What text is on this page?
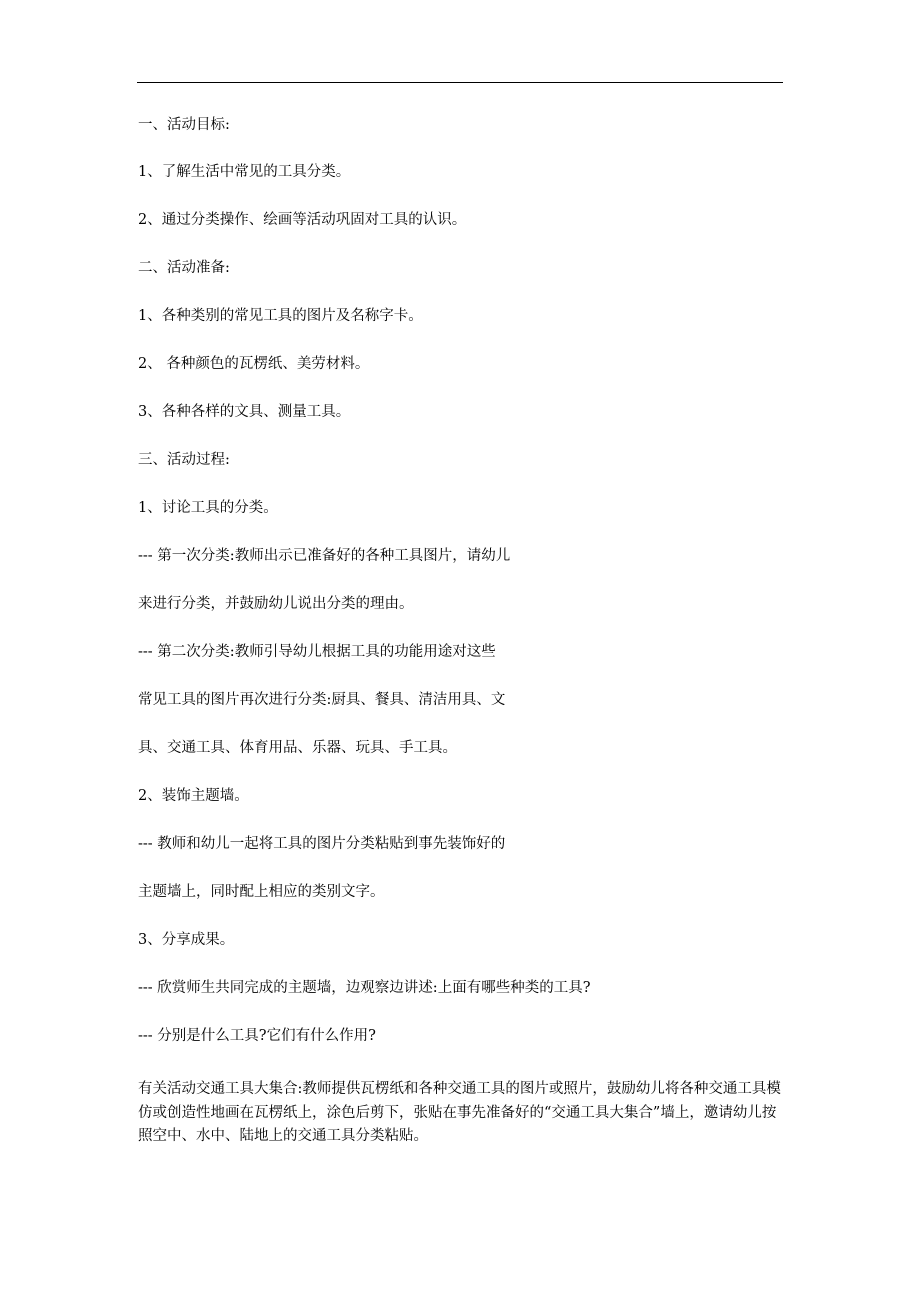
一、活动目标:
1、了解生活中常见的工具分类。
2、通过分类操作、绘画等活动巩固对工具的认识。
二、活动准备:
1、各种类别的常见工具的图片及名称字卡。
2、 各种颜色的瓦楞纸、美劳材料。
3、各种各样的文具、测量工具。
三、活动过程:
1、讨论工具的分类。
--- 第一次分类:教师出示已准备好的各种工具图片，请幼儿
来进行分类，并鼓励幼儿说出分类的理由。
--- 第二次分类:教师引导幼儿根据工具的功能用途对这些
常见工具的图片再次进行分类:厨具、餐具、清洁用具、文
具、交通工具、体育用品、乐器、玩具、手工具。
2、装饰主题墙。
--- 教师和幼儿一起将工具的图片分类粘贴到事先装饰好的
主题墙上，同时配上相应的类别文字。
3、分享成果。
--- 欣赏师生共同完成的主题墙，边观察边讲述:上面有哪些种类的工具?
--- 分别是什么工具?它们有什么作用?
有关活动交通工具大集合:教师提供瓦楞纸和各种交通工具的图片或照片，鼓励幼儿将各种交通工具模仿或创造性地画在瓦楞纸上，涂色后剪下，张贴在事先准备好的“交通工具大集合”墙上，邀请幼儿按照空中、水中、陆地上的交通工具分类粘贴。
